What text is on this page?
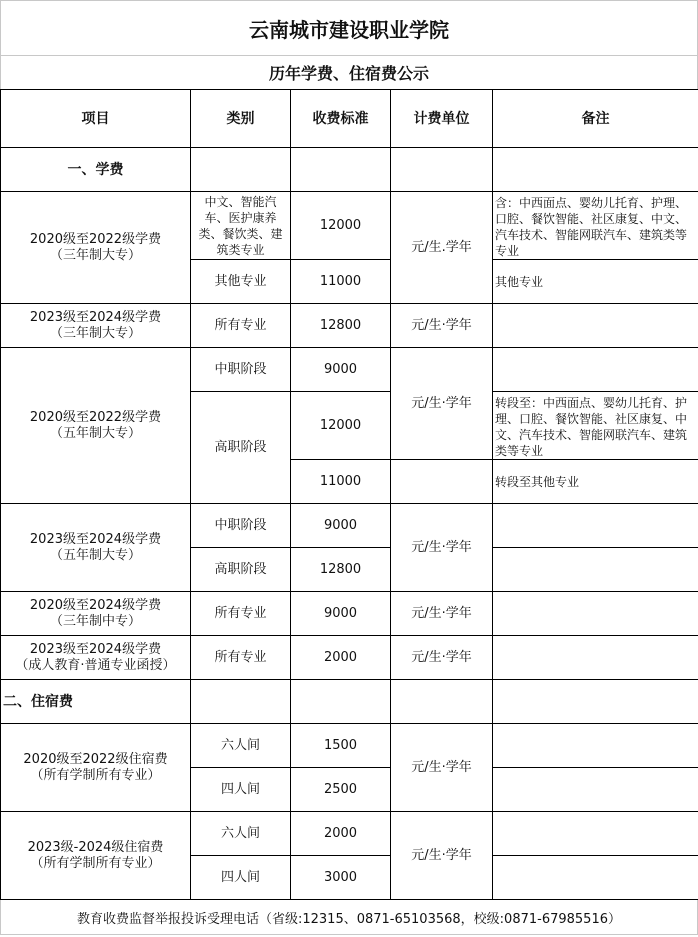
云南城市建设职业学院
历年学费、住宿费公示
项目	类别	收费标准	计费单位	备注
一、学费				

2020级至2022级学费
（三年制大专）	中文、智能汽车、医护康养类、餐饮类、建筑类专业	12000	元/生.学年	含：中西面点、婴幼儿托育、护理、口腔、餐饮智能、社区康复、中文、汽车技术、智能网联汽车、建筑类等专业
	其他专业	11000		其他专业

2023级至2024级学费
（三年制大专）	所有专业	12800	元/生·学年	

2020级至2022级学费
（五年制大专）	中职阶段	9000	元/生·学年	
	高职阶段	12000		转段至：中西面点、婴幼儿托育、护理、口腔、餐饮智能、社区康复、中文、汽车技术、智能网联汽车、建筑类等专业
		11000		转段至其他专业

2023级至2024级学费
（五年制大专）	中职阶段	9000	元/生·学年	
	高职阶段	12800		

2020级至2024级学费
（三年制中专）	所有专业	9000	元/生·学年	

2023级至2024级学费
（成人教育·普通专业函授）	所有专业	2000	元/生·学年	
二、住宿费				

2020级至2022级住宿费
（所有学制所有专业）	六人间	1500	元/生·学年	
	四人间	2500		

2023级-2024级住宿费
（所有学制所有专业）	六人间	2000	元/生·学年	
	四人间	3000		
教育收费监督举报投诉受理电话（省级:12315、0871-65103568，校级:0871-67985516）
